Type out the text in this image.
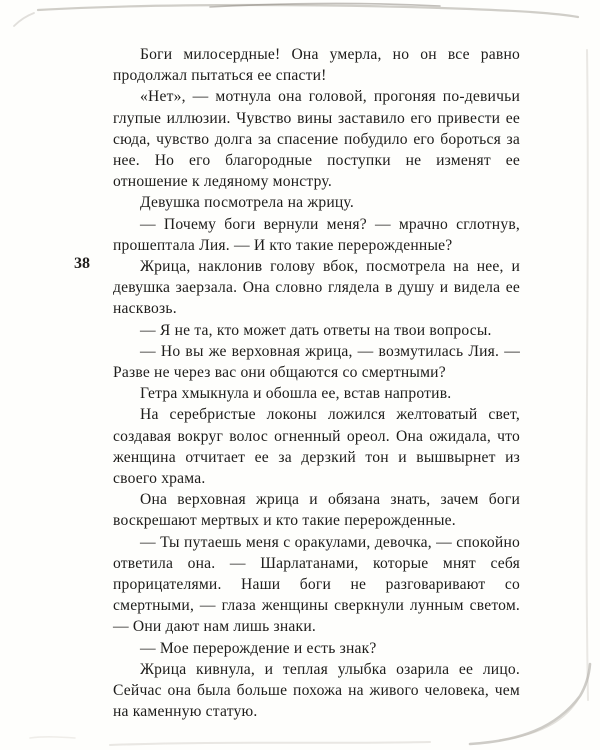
38

Боги милосердные! Она умерла, но он все равно продолжал пытаться ее спасти!

«Нет», — мотнула она головой, прогоняя по-девичьи глупые иллюзии. Чувство вины заставило его привести ее сюда, чувство долга за спасение побудило его бороться за нее. Но его благородные поступки не изменят ее отношение к ледяному монстру.

Девушка посмотрела на жрицу.

— Почему боги вернули меня? — мрачно сглотнув, прошептала Лия. — И кто такие перерожденные?

Жрица, наклонив голову вбок, посмотрела на нее, и девушка заерзала. Она словно глядела в душу и видела ее насквозь.

— Я не та, кто может дать ответы на твои вопросы.

— Но вы же верховная жрица, — возмутилась Лия. — Разве не через вас они общаются со смертными?

Гетра хмыкнула и обошла ее, встав напротив.

На серебристые локоны ложился желтоватый свет, создавая вокруг волос огненный ореол. Она ожидала, что женщина отчитает ее за дерзкий тон и вышвырнет из своего храма.

Она верховная жрица и обязана знать, зачем боги воскрешают мертвых и кто такие перерожденные.

— Ты путаешь меня с оракулами, девочка, — спокойно ответила она. — Шарлатанами, которые мнят себя прорицателями. Наши боги не разговаривают со смертными, — глаза женщины сверкнули лунным светом. — Они дают нам лишь знаки.

— Мое перерождение и есть знак?

Жрица кивнула, и теплая улыбка озарила ее лицо. Сейчас она была больше похожа на живого человека, чем на каменную статую.
